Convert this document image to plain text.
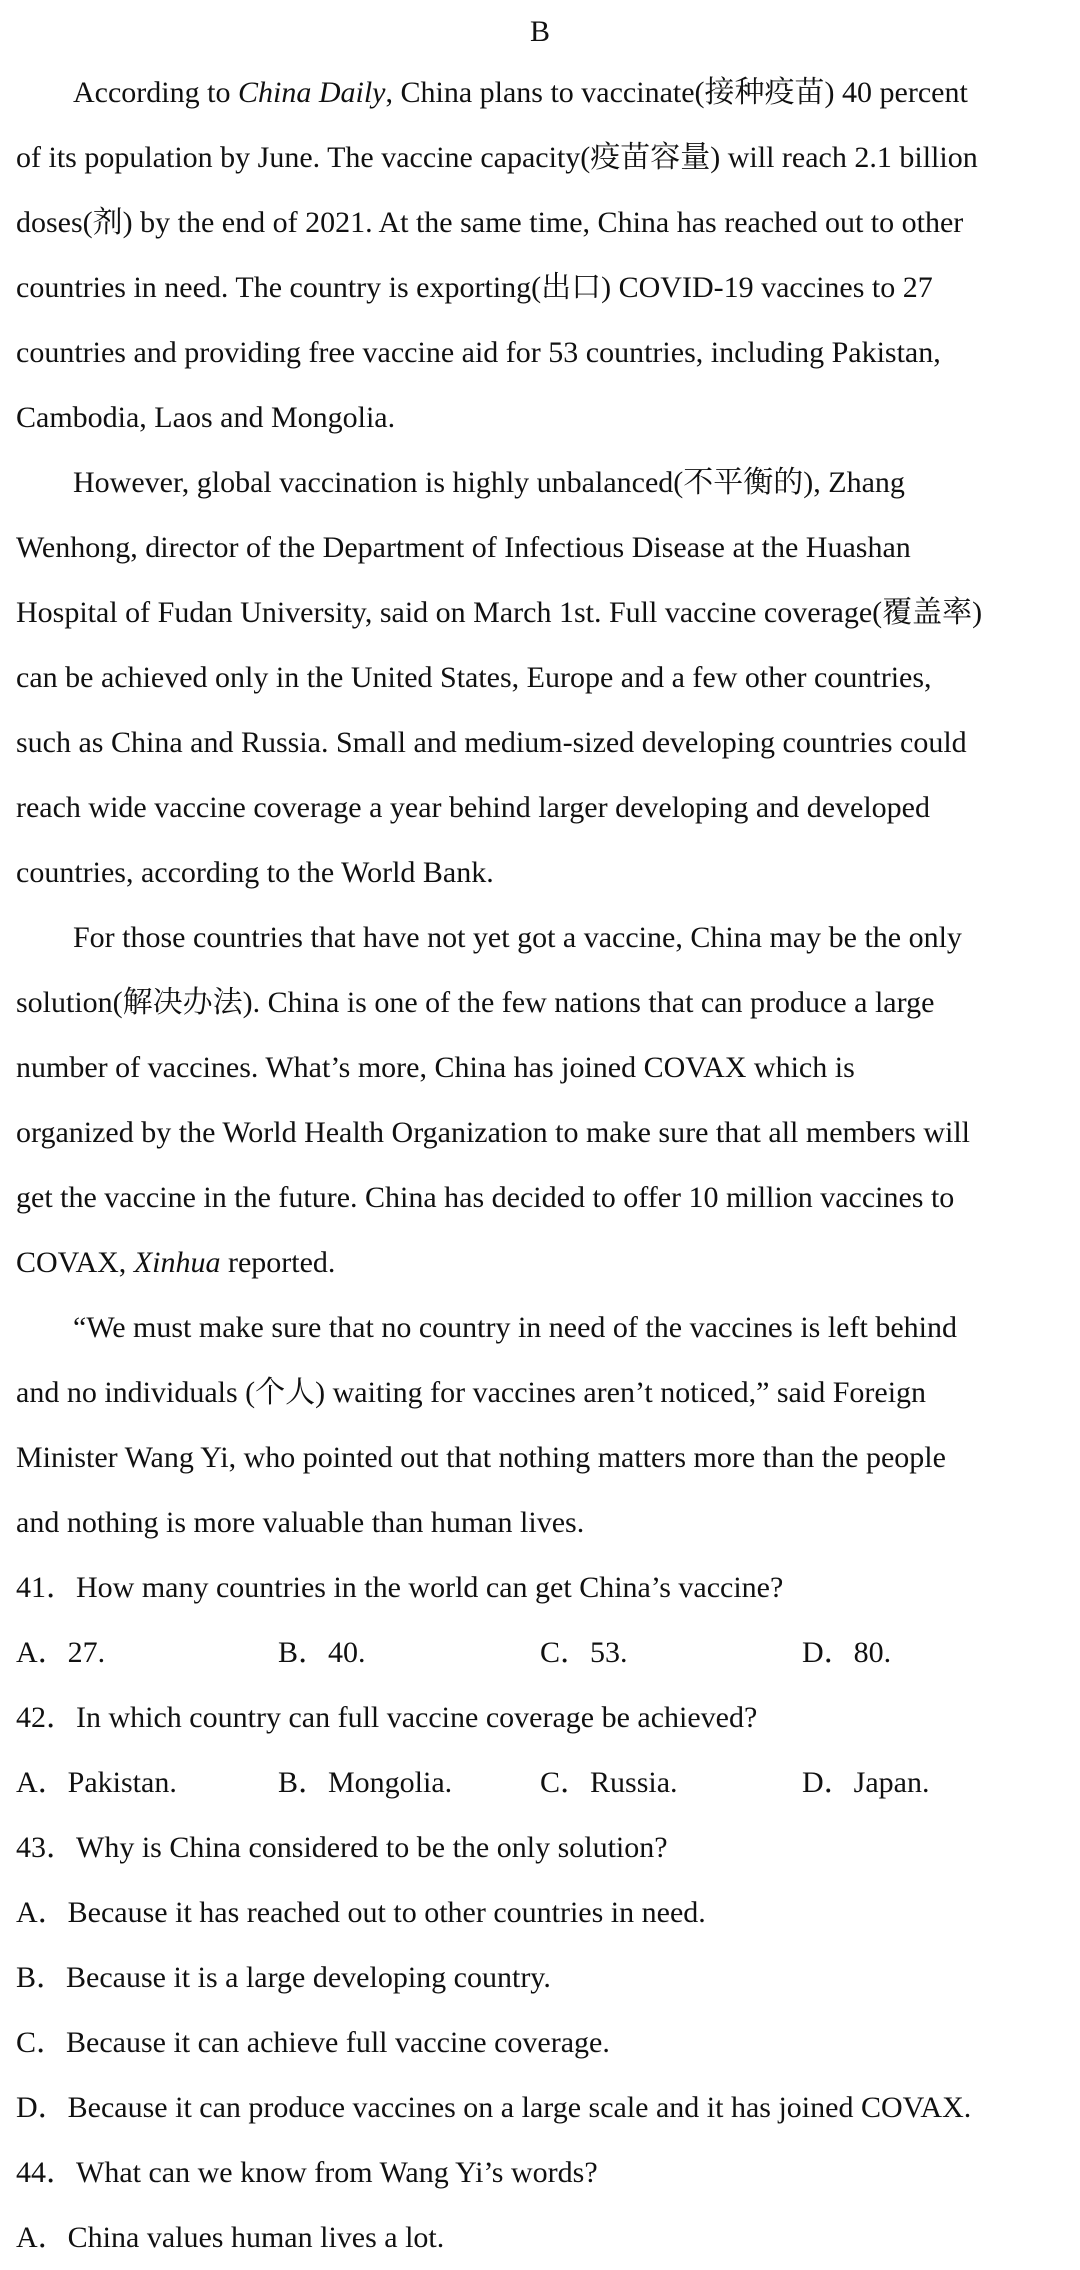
B
According to China Daily, China plans to vaccinate(接种疫苗) 40 percent
of its population by June. The vaccine capacity(疫苗容量) will reach 2.1 billion
doses(剂) by the end of 2021. At the same time, China has reached out to other
countries in need. The country is exporting(出口) COVID-19 vaccines to 27
countries and providing free vaccine aid for 53 countries, including Pakistan,
Cambodia, Laos and Mongolia.
However, global vaccination is highly unbalanced(不平衡的), Zhang
Wenhong, director of the Department of Infectious Disease at the Huashan
Hospital of Fudan University, said on March 1st. Full vaccine coverage(覆盖率)
can be achieved only in the United States, Europe and a few other countries,
such as China and Russia. Small and medium-sized developing countries could
reach wide vaccine coverage a year behind larger developing and developed
countries, according to the World Bank.
For those countries that have not yet got a vaccine, China may be the only
solution(解决办法). China is one of the few nations that can produce a large
number of vaccines. What’s more, China has joined COVAX which is
organized by the World Health Organization to make sure that all members will
get the vaccine in the future. China has decided to offer 10 million vaccines to
COVAX, Xinhua reported.
“We must make sure that no country in need of the vaccines is left behind
and no individuals (个人) waiting for vaccines aren’t noticed,” said Foreign
Minister Wang Yi, who pointed out that nothing matters more than the people
and nothing is more valuable than human lives.
41．How many countries in the world can get China’s vaccine?
A．27.	B．40.	C．53.	D．80.
42．In which country can full vaccine coverage be achieved?
A．Pakistan.	B．Mongolia.	C．Russia.	D．Japan.
43．Why is China considered to be the only solution?
A．Because it has reached out to other countries in need.
B．Because it is a large developing country.
C．Because it can achieve full vaccine coverage.
D．Because it can produce vaccines on a large scale and it has joined COVAX.
44．What can we know from Wang Yi’s words?
A．China values human lives a lot.
